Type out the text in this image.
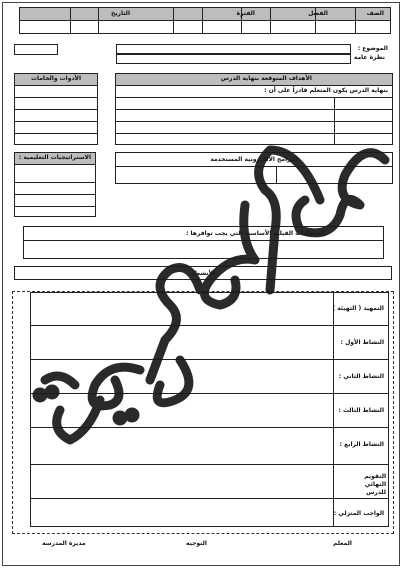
الصف
الفصل
الفترة
التاريخ
الموضوع :
نظرة عامة
الأدوات والخامات	الأهداف المتوقعة بنهاية الدرس
بنهاية الدرس يكون المتعلم قادراً على أن :
الاستراتيجيات التعليمية :	البرامج الالكترونية المستخدمة
المتطلبات القبلية الأساسية التي يجب توافرها :
الأنشطة
التمهيد ( التهيئة )
النشاط الأول :
النشاط الثاني :
النشاط الثالث :
النشاط الرابع :
التقويم النهائي للدرس
الواجب المنزلي :
المعلم
التوجيه
مديرة المدرسة
